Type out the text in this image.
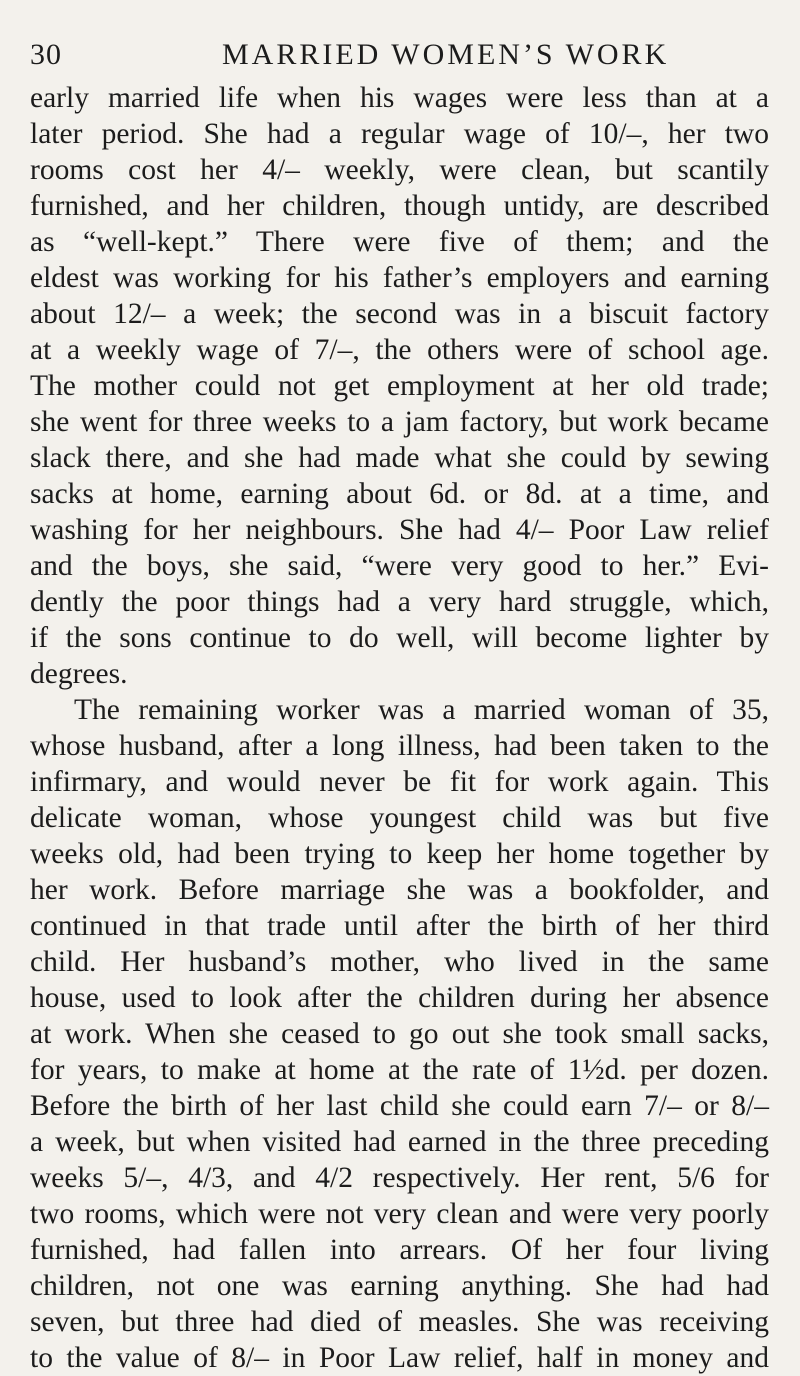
30	MARRIED WOMEN’S WORK
early married life when his wages were less than at a
later period. She had a regular wage of 10/–, her two
rooms cost her 4/– weekly, were clean, but scantily
furnished, and her children, though untidy, are described
as “well-kept.” There were five of them; and the
eldest was working for his father’s employers and earning
about 12/– a week; the second was in a biscuit factory
at a weekly wage of 7/–, the others were of school age.
The mother could not get employment at her old trade;
she went for three weeks to a jam factory, but work became
slack there, and she had made what she could by sewing
sacks at home, earning about 6d. or 8d. at a time, and
washing for her neighbours. She had 4/– Poor Law relief
and the boys, she said, “were very good to her.” Evi-
dently the poor things had a very hard struggle, which,
if the sons continue to do well, will become lighter by
degrees.
The remaining worker was a married woman of 35,
whose husband, after a long illness, had been taken to the
infirmary, and would never be fit for work again. This
delicate woman, whose youngest child was but five
weeks old, had been trying to keep her home together by
her work. Before marriage she was a bookfolder, and
continued in that trade until after the birth of her third
child. Her husband’s mother, who lived in the same
house, used to look after the children during her absence
at work. When she ceased to go out she took small sacks,
for years, to make at home at the rate of 1½d. per dozen.
Before the birth of her last child she could earn 7/– or 8/–
a week, but when visited had earned in the three preceding
weeks 5/–, 4/3, and 4/2 respectively. Her rent, 5/6 for
two rooms, which were not very clean and were very poorly
furnished, had fallen into arrears. Of her four living
children, not one was earning anything. She had had
seven, but three had died of measles. She was receiving
to the value of 8/– in Poor Law relief, half in money and
